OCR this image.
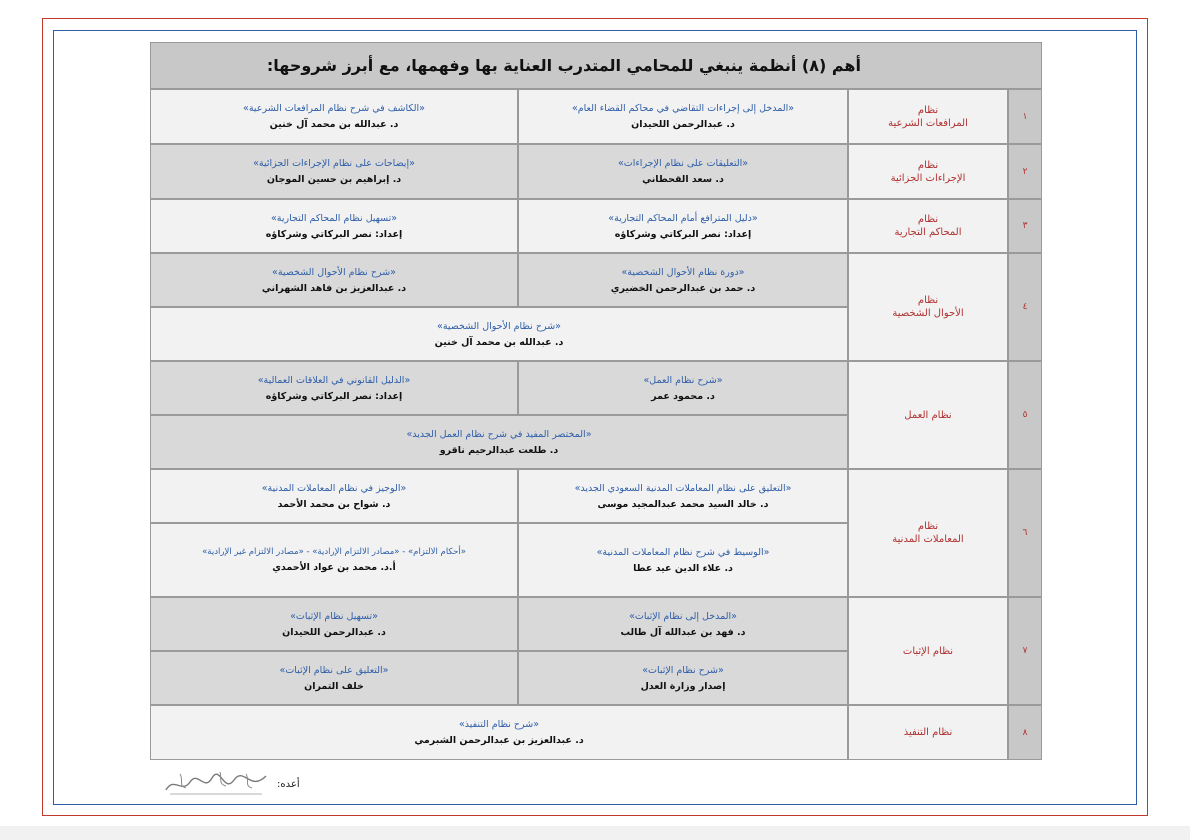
أهم (٨) أنظمة ينبغي للمحامي المتدرب العناية بها وفهمها، مع أبرز شروحها:
١
نظام
المرافعات الشرعية
«المدخل إلى إجراءات التقاضي في محاكم القضاء العام»
د. عبدالرحمن اللحيدان
«الكاشف في شرح نظام المرافعات الشرعية»
د. عبدالله بن محمد آل خنين
٢
نظام
الإجراءات الجزائية
«التعليقات على نظام الإجراءات»
د. سعد القحطاني
«إيضاحات على نظام الإجراءات الجزائية»
د. إبراهيم بن حسين الموجان
٣
نظام
المحاكم التجارية
«دليل المترافع أمام المحاكم التجارية»
إعداد: نصر البركاتي وشركاؤه
«تسهيل نظام المحاكم التجارية»
إعداد: نصر البركاتي وشركاؤه
٤
نظام
الأحوال الشخصية
«دورة نظام الأحوال الشخصية»
د. حمد بن عبدالرحمن الخضيري
«شرح نظام الأحوال الشخصية»
د. عبدالعزيز بن فاهد الشهراني
«شرح نظام الأحوال الشخصية»
د. عبدالله بن محمد آل خنين
٥
نظام العمل
«شرح نظام العمل»
د. محمود عمر
«الدليل القانوني في العلاقات العمالية»
إعداد: نصر البركاتي وشركاؤه
«المختصر المفيد في شرح نظام العمل الجديد»
د. طلعت عبدالرحيم ناقرو
٦
نظام
المعاملات المدنية
«التعليق على نظام المعاملات المدنية السعودي الجديد»
د. خالد السيد محمد عبدالمجيد موسى
«الوجيز في نظام المعاملات المدنية»
د. شواح بن محمد الأحمد
«الوسيط في شرح نظام المعاملات المدنية»
د. علاء الدين عيد عطا
«أحكام الالتزام» - «مصادر الالتزام الإرادية» - «مصادر الالتزام غير الإرادية»
أ.د. محمد بن عواد الأحمدي
٧
نظام الإثبات
«المدخل إلى نظام الإثبات»
د. فهد بن عبدالله آل طالب
«تسهيل نظام الإثبات»
د. عبدالرحمن اللحيدان
«شرح نظام الإثبات»
إصدار وزارة العدل
«التعليق على نظام الإثبات»
خلف التمران
٨
نظام التنفيذ
«شرح نظام التنفيذ»
د. عبدالعزيز بن عبدالرحمن الشبرمي
أعده:
